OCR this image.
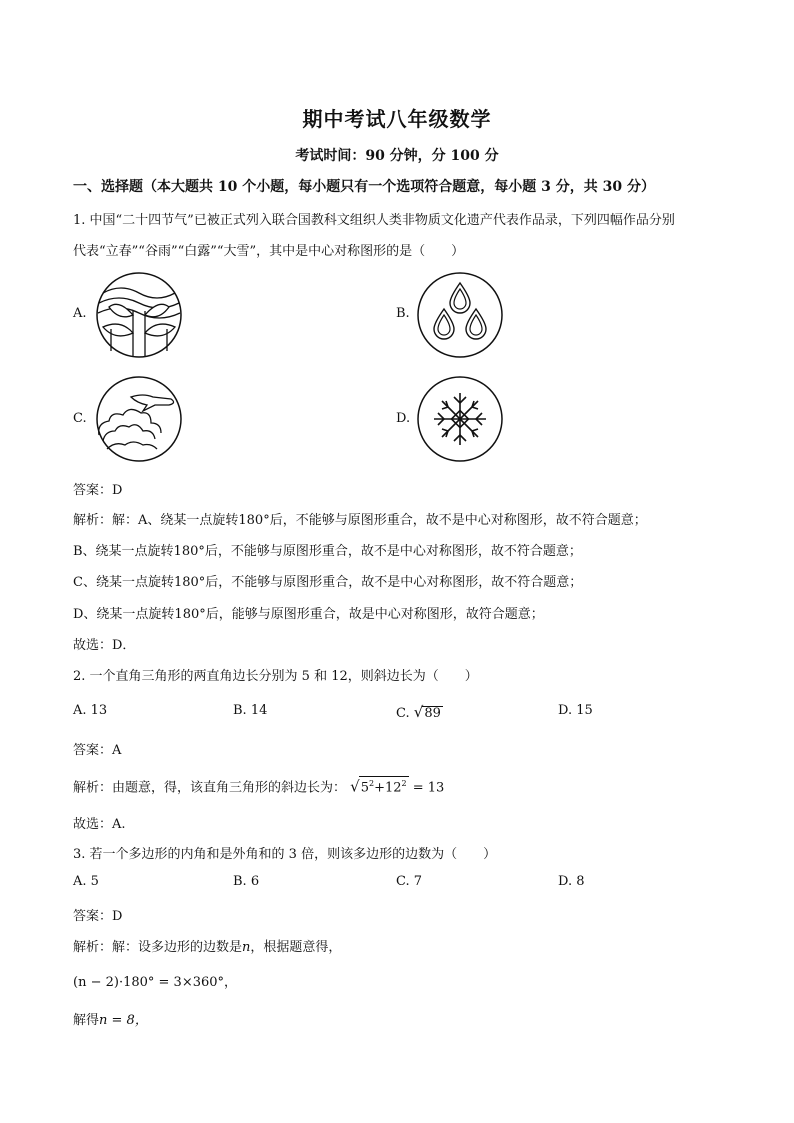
期中考试八年级数学
考试时间：90 分钟，分 100 分
一、选择题（本大题共 10 个小题，每小题只有一个选项符合题意，每小题 3 分，共 30 分）
1. 中国“二十四节气”已被正式列入联合国教科文组织人类非物质文化遗产代表作品录，下列四幅作品分别
代表“立春”“谷雨”“白露”“大雪”，其中是中心对称图形的是（　　）
A.	B.
C.	D.
答案：D
解析：解：A、绕某一点旋转180°后，不能够与原图形重合，故不是中心对称图形，故不符合题意；
B、绕某一点旋转180°后，不能够与原图形重合，故不是中心对称图形，故不符合题意；
C、绕某一点旋转180°后，不能够与原图形重合，故不是中心对称图形，故不符合题意；
D、绕某一点旋转180°后，能够与原图形重合，故是中心对称图形，故符合题意；
故选：D．
2. 一个直角三角形的两直角边长分别为 5 和 12，则斜边长为（　　）
A. 13	B. 14	C. √89	D. 15
答案：A
解析：由题意，得，该直角三角形的斜边长为： $√5^2+12^2 = 13$
故选：A.
3. 若一个多边形的内角和是外角和的 3 倍，则该多边形的边数为（　　）
A. 5	B. 6	C. 7	D. 8
答案：D
解析：解：设多边形的边数是n，根据题意得，
(n − 2)·180° = 3×360°，
解得n = 8，
